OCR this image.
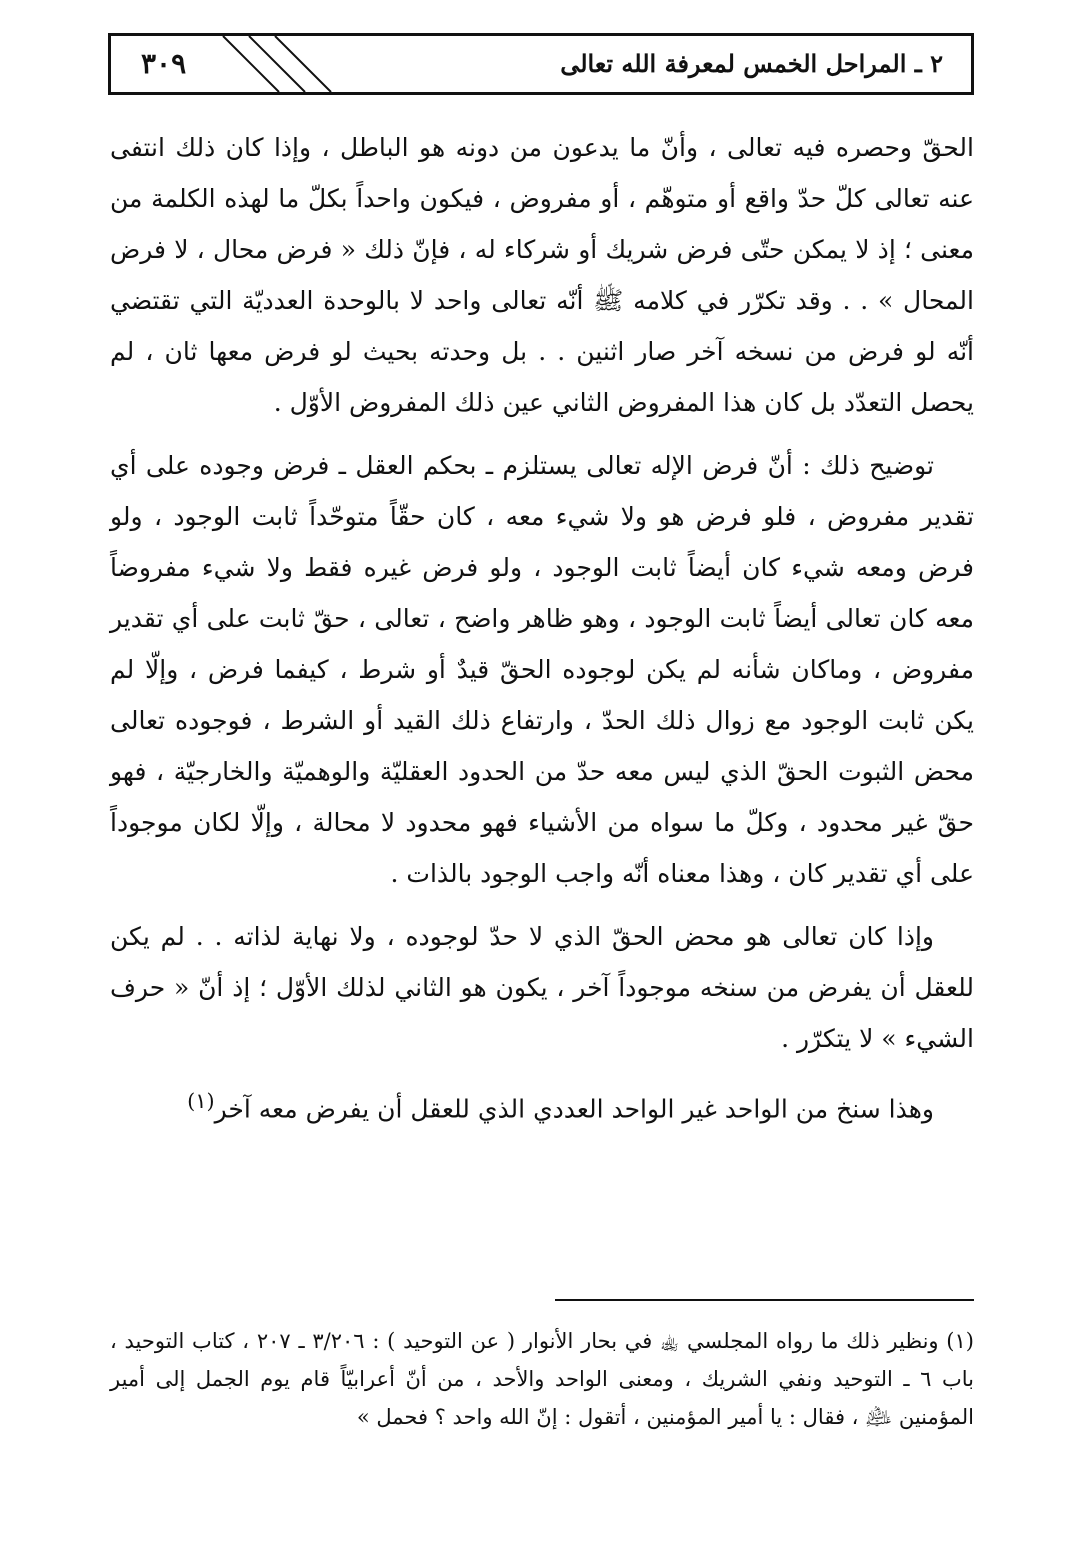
٢ ـ المراحل الخمس لمعرفة الله تعالى
٣٠٩

الحقّ وحصره فيه تعالى ، وأنّ ما يدعون من دونه هو الباطل ، وإذا كان ذلك انتفى عنه تعالى كلّ حدّ واقع أو متوهّم ، أو مفروض ، فيكون واحداً بكلّ ما لهذه الكلمة من معنى ؛ إذ لا يمكن حتّى فرض شريك أو شركاء له ، فإنّ ذلك « فرض محال ، لا فرض المحال » . . وقد تكرّر في كلامه ﷺ أنّه تعالى واحد لا بالوحدة العدديّة التي تقتضي أنّه لو فرض من نسخه آخر صار اثنين . . بل وحدته بحيث لو فرض معها ثان ، لم يحصل التعدّد بل كان هذا المفروض الثاني عين ذلك المفروض الأوّل .

توضيح ذلك : أنّ فرض الإله تعالى يستلزم ـ بحكم العقل ـ فرض وجوده على أي تقدير مفروض ، فلو فرض هو ولا شيء معه ، كان حقّاً متوحّداً ثابت الوجود ، ولو فرض ومعه شيء كان أيضاً ثابت الوجود ، ولو فرض غيره فقط ولا شيء مفروضاً معه كان تعالى أيضاً ثابت الوجود ، وهو ظاهر واضح ، تعالى ، حقّ ثابت على أي تقدير مفروض ، وماكان شأنه لم يكن لوجوده الحقّ قيدٌ أو شرط ، كيفما فرض ، وإلّا لم يكن ثابت الوجود مع زوال ذلك الحدّ ، وارتفاع ذلك القيد أو الشرط ، فوجوده تعالى محض الثبوت الحقّ الذي ليس معه حدّ من الحدود العقليّة والوهميّة والخارجيّة ، فهو حقّ غير محدود ، وكلّ ما سواه من الأشياء فهو محدود لا محالة ، وإلّا لكان موجوداً على أي تقدير كان ، وهذا معناه أنّه واجب الوجود بالذات .

وإذا كان تعالى هو محض الحقّ الذي لا حدّ لوجوده ، ولا نهاية لذاته . . لم يكن للعقل أن يفرض من سنخه موجوداً آخر ، يكون هو الثاني لذلك الأوّل ؛ إذ أنّ « حرف الشيء » لا يتكرّر .

وهذا سنخ من الواحد غير الواحد العددي الذي للعقل أن يفرض معه آخر$^{(١)}$

(١) ونظير ذلك ما رواه المجلسي ﵀ في بحار الأنوار ( عن التوحيد ) : ٣/٢٠٦ ـ ٢٠٧ ، كتاب التوحيد ، باب ٦ ـ التوحيد ونفي الشريك ، ومعنى الواحد والأحد ، من أنّ أعرابيّاً قام يوم الجمل إلى أمير المؤمنين ﵇ ، فقال : يا أمير المؤمنين ، أتقول : إنّ الله واحد ؟ فحمل »
